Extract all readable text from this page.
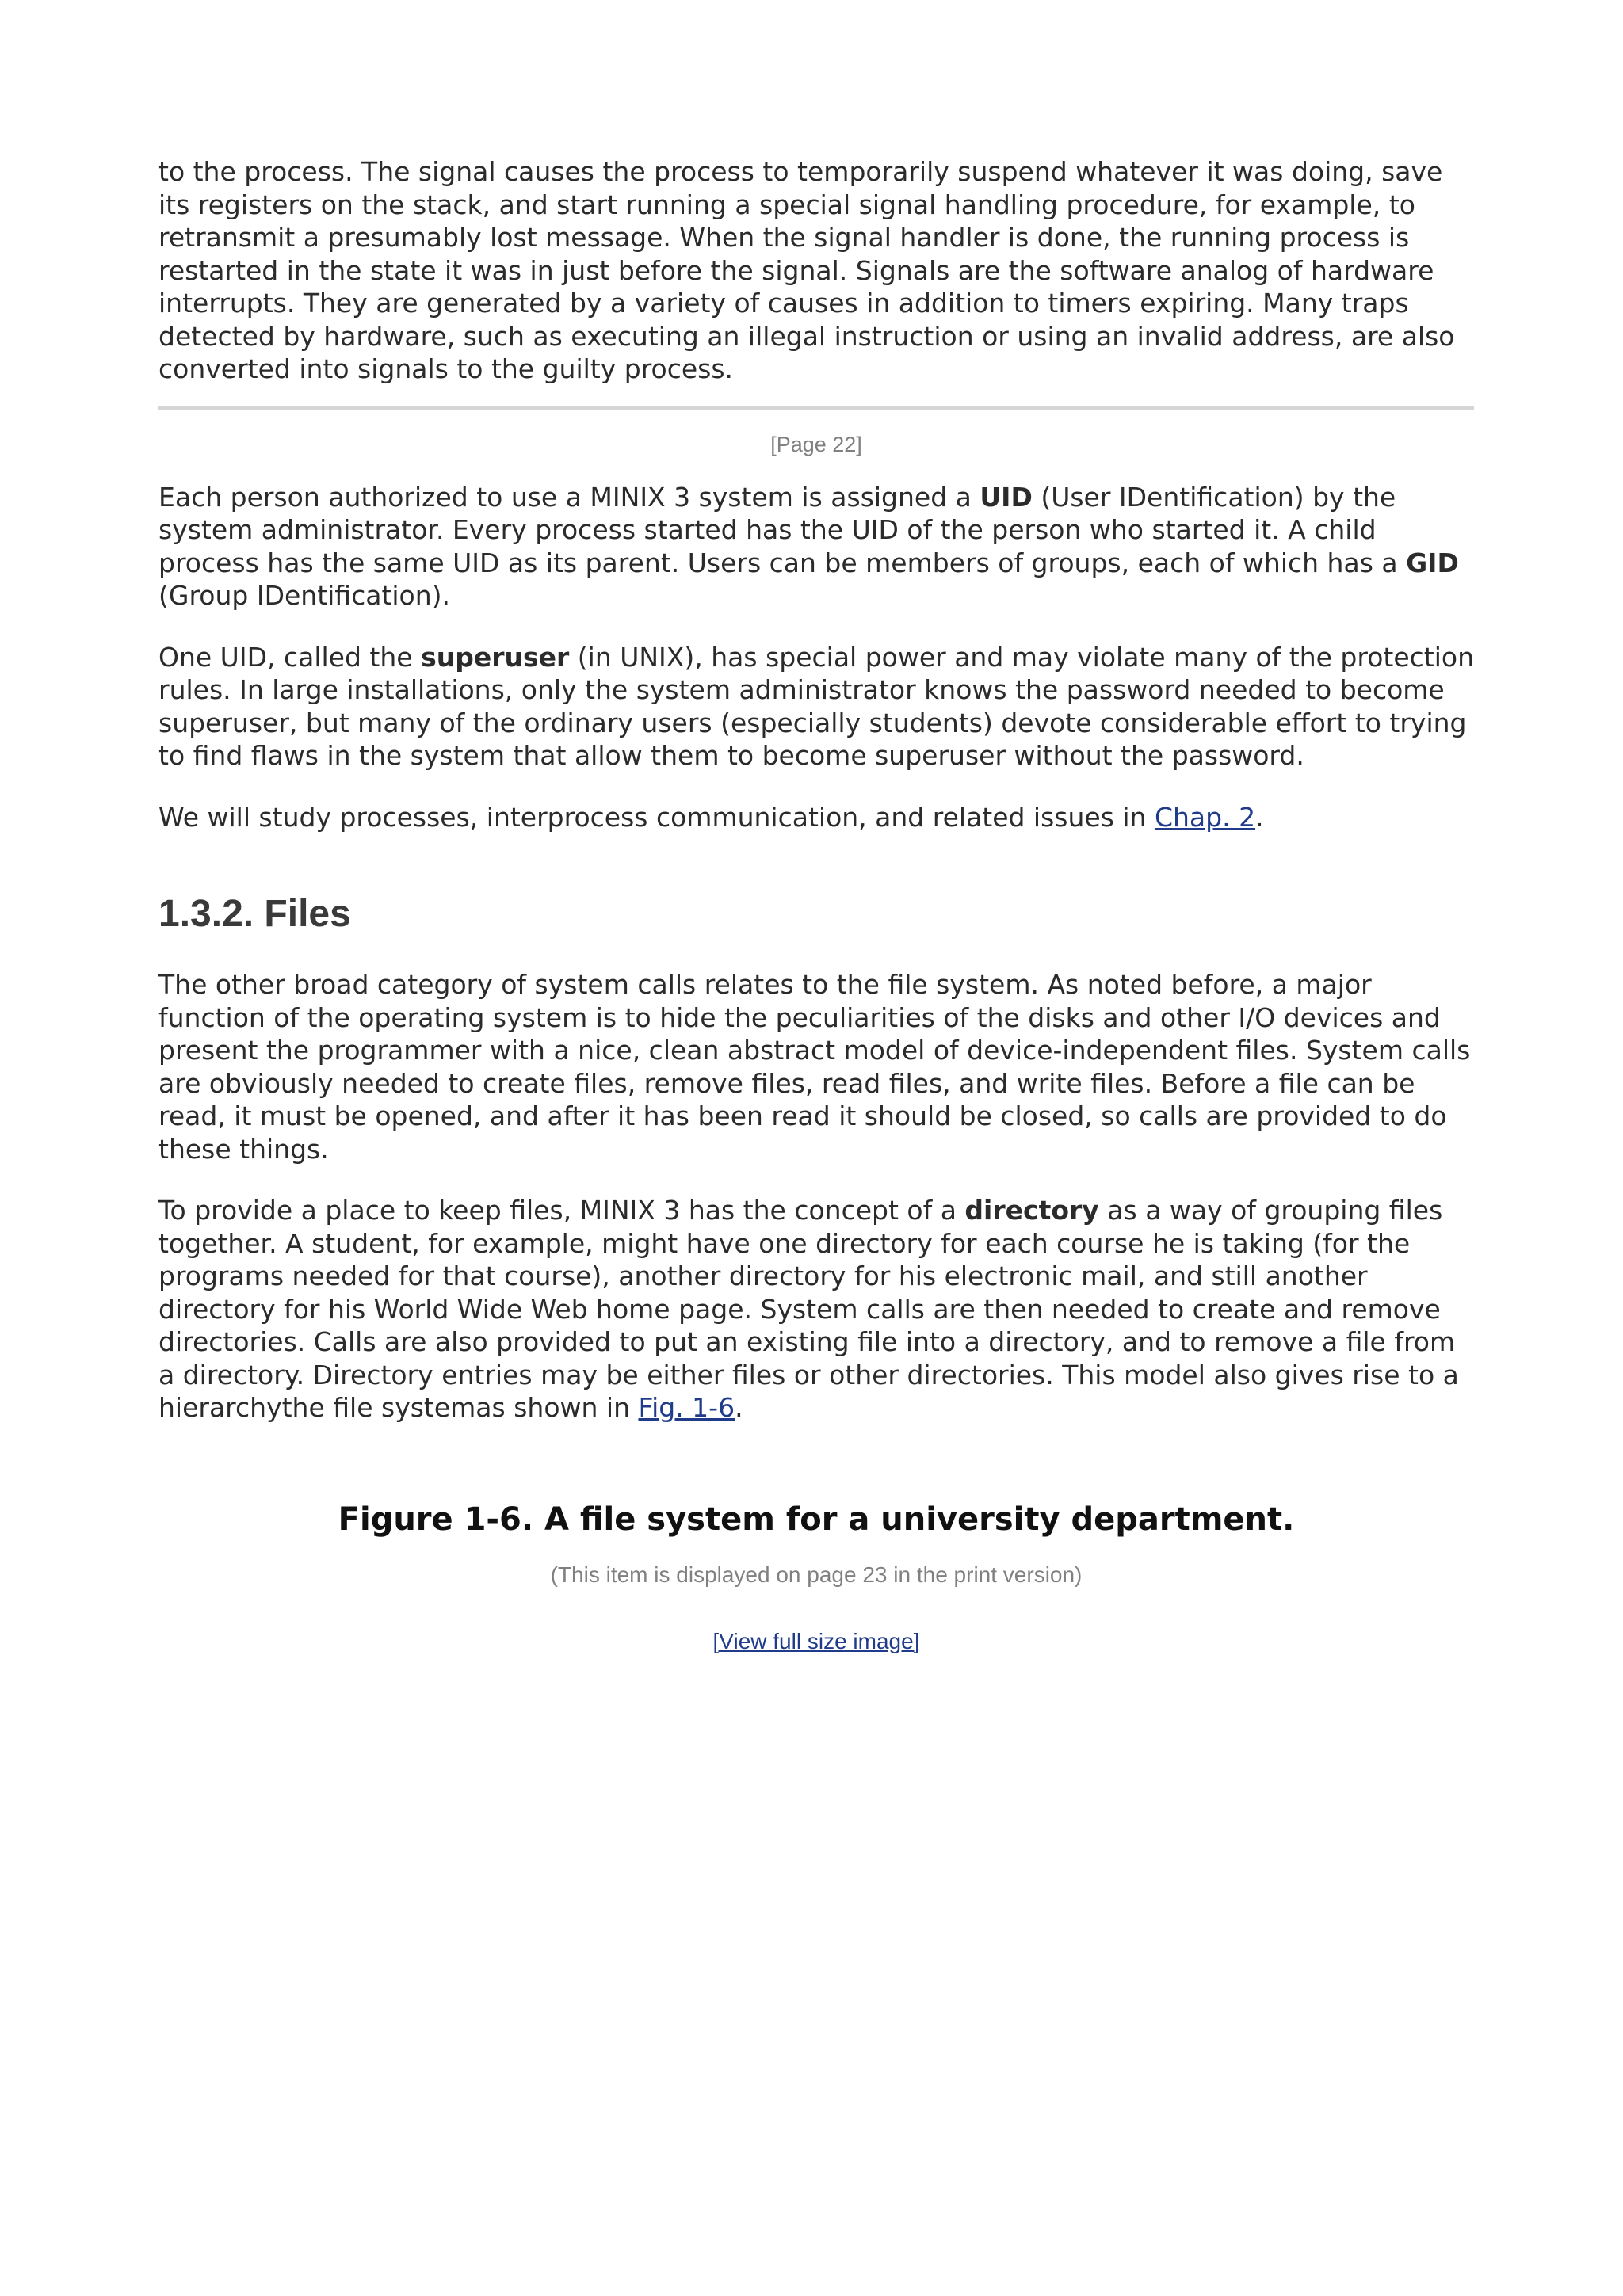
to the process. The signal causes the process to temporarily suspend whatever it was doing, save its registers on the stack, and start running a special signal handling procedure, for example, to retransmit a presumably lost message. When the signal handler is done, the running process is restarted in the state it was in just before the signal. Signals are the software analog of hardware interrupts. They are generated by a variety of causes in addition to timers expiring. Many traps detected by hardware, such as executing an illegal instruction or using an invalid address, are also converted into signals to the guilty process.

[Page 22]

Each person authorized to use a MINIX 3 system is assigned a UID (User IDentification) by the system administrator. Every process started has the UID of the person who started it. A child process has the same UID as its parent. Users can be members of groups, each of which has a GID (Group IDentification).

One UID, called the superuser (in UNIX), has special power and may violate many of the protection rules. In large installations, only the system administrator knows the password needed to become superuser, but many of the ordinary users (especially students) devote considerable effort to trying to find flaws in the system that allow them to become superuser without the password.

We will study processes, interprocess communication, and related issues in Chap. 2.

1.3.2. Files

The other broad category of system calls relates to the file system. As noted before, a major function of the operating system is to hide the peculiarities of the disks and other I/O devices and present the programmer with a nice, clean abstract model of device-independent files. System calls are obviously needed to create files, remove files, read files, and write files. Before a file can be read, it must be opened, and after it has been read it should be closed, so calls are provided to do these things.

To provide a place to keep files, MINIX 3 has the concept of a directory as a way of grouping files together. A student, for example, might have one directory for each course he is taking (for the programs needed for that course), another directory for his electronic mail, and still another directory for his World Wide Web home page. System calls are then needed to create and remove directories. Calls are also provided to put an existing file into a directory, and to remove a file from a directory. Directory entries may be either files or other directories. This model also gives rise to a hierarchythe file systemas shown in Fig. 1-6.

Figure 1-6. A file system for a university department.
(This item is displayed on page 23 in the print version)
[View full size image]
